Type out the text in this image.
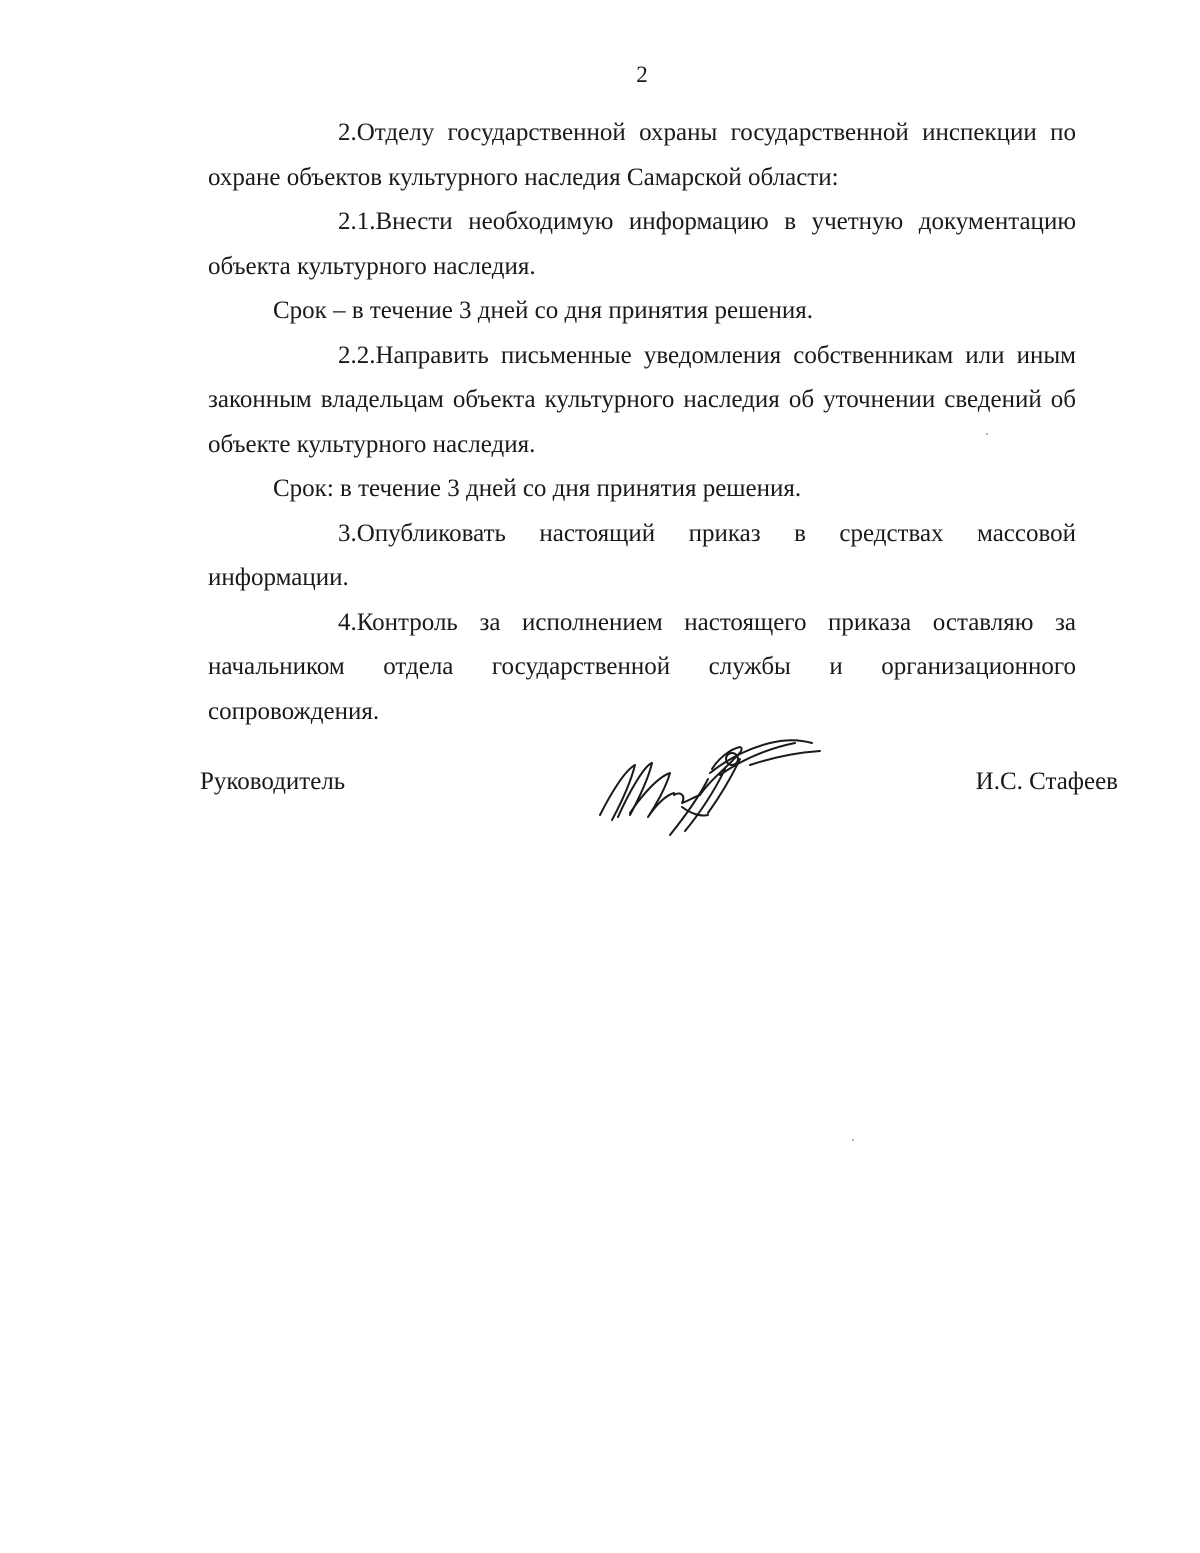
2

2.Отделу государственной охраны государственной инспекции по охране объектов культурного наследия Самарской области:

2.1.Внести необходимую информацию в учетную документацию объекта культурного наследия.

Срок – в течение 3 дней со дня принятия решения.

2.2.Направить письменные уведомления собственникам или иным законным владельцам объекта культурного наследия об уточнении сведений об объекте культурного наследия.

Срок: в течение 3 дней со дня принятия решения.

3.Опубликовать настоящий приказ в средствах массовой информации.

4.Контроль за исполнением настоящего приказа оставляю за начальником отдела государственной службы и организационного сопровождения.

Руководитель	И.С. Стафеев
